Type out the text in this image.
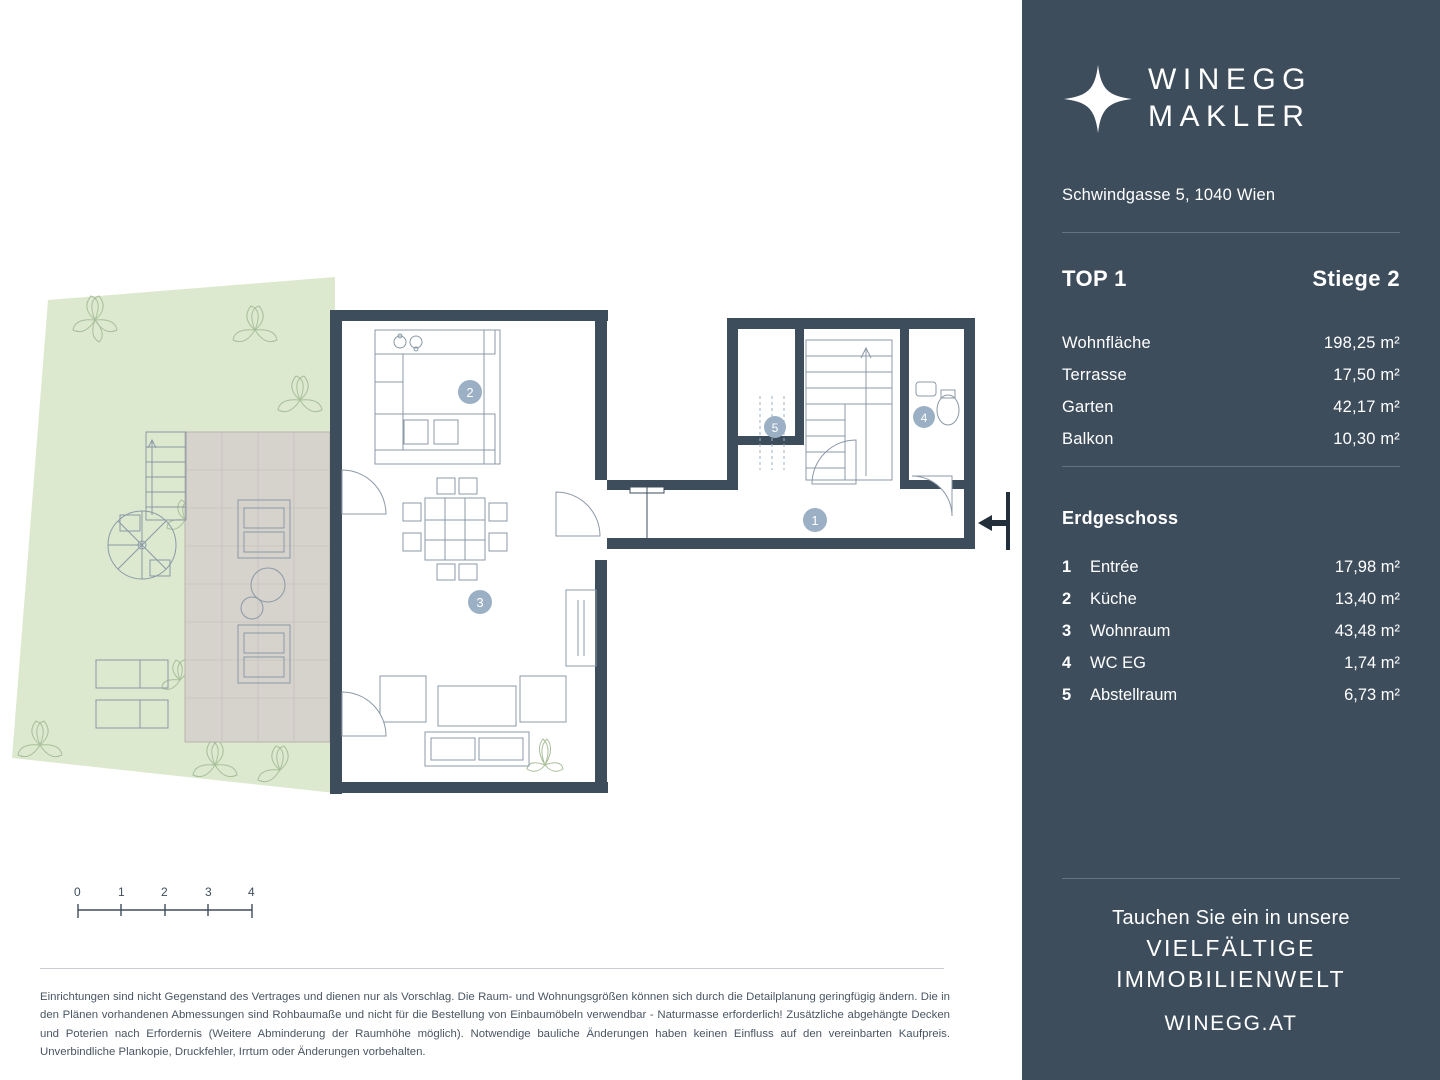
1
2
3
4
5
0	1	2	3	4
Einrichtungen sind nicht Gegenstand des Vertrages und dienen nur als Vorschlag. Die Raum- und Wohnungsgrößen können sich durch die Detailplanung geringfügig ändern. Die in den Plänen vorhandenen Abmessungen sind Rohbaumaße und nicht für die Bestellung von Einbaumöbeln verwendbar - Naturmasse erforderlich! Zusätzliche abgehängte Decken und Poterien nach Erfordernis (Weitere Abminderung der Raumhöhe möglich). Notwendige bauliche Änderungen haben keinen Einfluss auf den vereinbarten Kaufpreis. Unverbindliche Plankopie, Druckfehler, Irrtum oder Änderungen vorbehalten.
WINEGG
MAKLER
Schwindgasse 5, 1040 Wien
TOP 1	Stiege 2
Wohnfläche	198,25 m²
Terrasse	17,50 m²
Garten	42,17 m²
Balkon	10,30 m²
Erdgeschoss
1	Entrée	17,98 m²
2	Küche	13,40 m²
3	Wohnraum	43,48 m²
4	WC EG	1,74 m²
5	Abstellraum	6,73 m²
Tauchen Sie ein in unsere
VIELFÄLTIGE
IMMOBILIENWELT
WINEGG.AT
